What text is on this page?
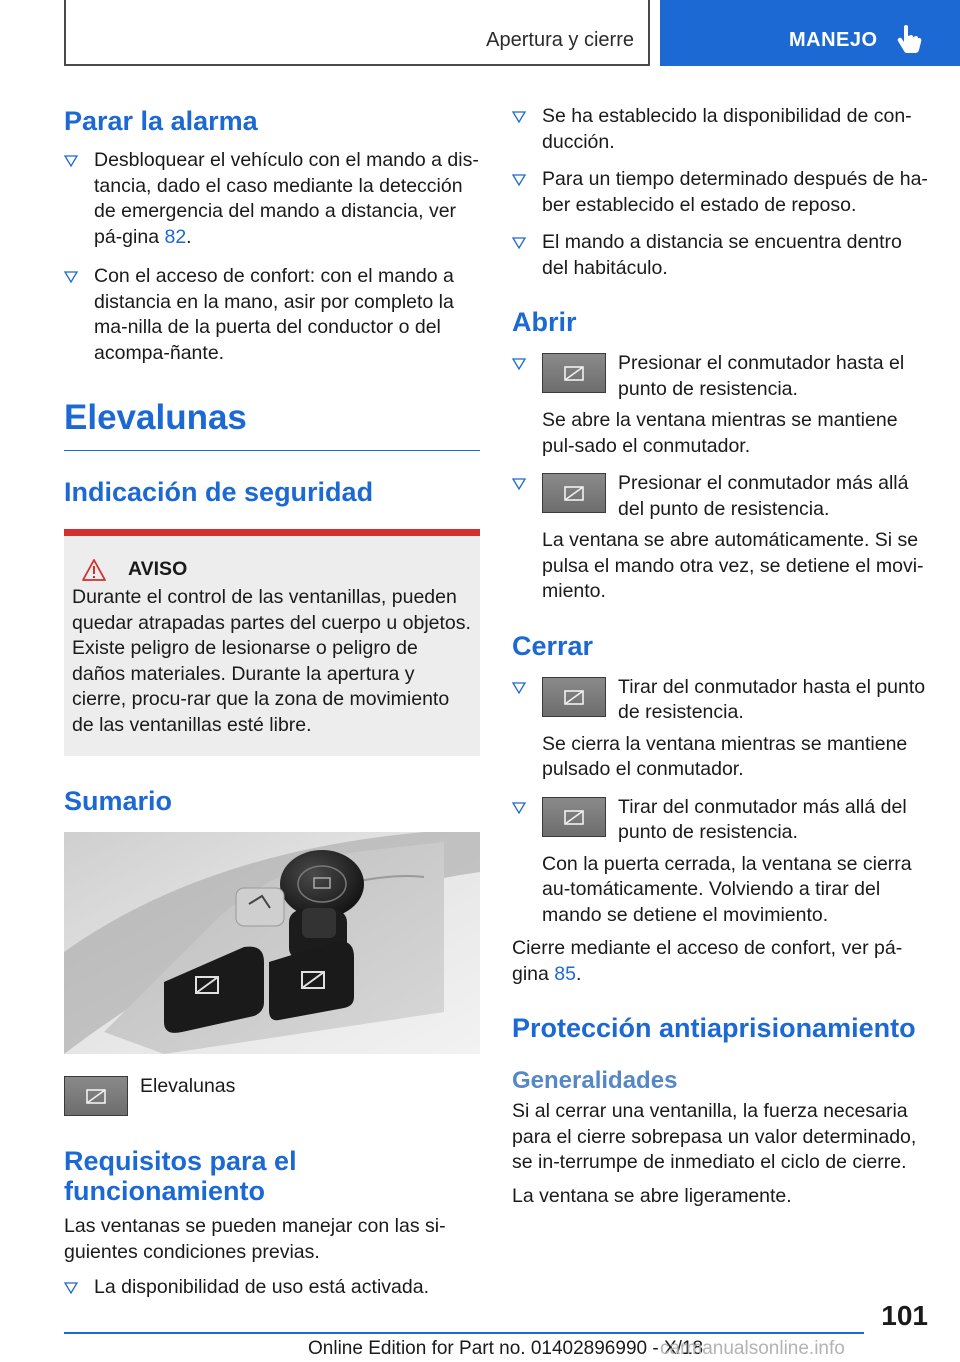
Apertura y cierre	MANEJO
Parar la alarma
Desbloquear el vehículo con el mando a dis-tancia, dado el caso mediante la detección de emergencia del mando a distancia, ver pá-gina 82.
Con el acceso de confort: con el mando a distancia en la mano, asir por completo la ma-nilla de la puerta del conductor o del acompa-ñante.
Elevalunas
Indicación de seguridad
AVISO

Durante el control de las ventanillas, pueden quedar atrapadas partes del cuerpo u objetos. Existe peligro de lesionarse o peligro de daños materiales. Durante la apertura y cierre, procu-rar que la zona de movimiento de las ventanillas esté libre.

Sumario
Elevalunas
Requisitos para el funcionamiento

Las ventanas se pueden manejar con las si-guientes condiciones previas.

La disponibilidad de uso está activada.
Se ha establecido la disponibilidad de con-ducción.
Para un tiempo determinado después de ha-ber establecido el estado de reposo.
El mando a distancia se encuentra dentro del habitáculo.
Abrir
Presionar el conmutador hasta el punto de resistencia.

Se abre la ventana mientras se mantiene pul-sado el conmutador.

Presionar el conmutador más allá del punto de resistencia.

La ventana se abre automáticamente. Si se pulsa el mando otra vez, se detiene el movi-miento.

Cerrar
Tirar del conmutador hasta el punto de resistencia.

Se cierra la ventana mientras se mantiene pulsado el conmutador.

Tirar del conmutador más allá del punto de resistencia.

Con la puerta cerrada, la ventana se cierra au-tomáticamente. Volviendo a tirar del mando se detiene el movimiento.

Cierre mediante el acceso de confort, ver pá-gina 85.

Protección antiaprisionamiento
Generalidades

Si al cerrar una ventanilla, la fuerza necesaria para el cierre sobrepasa un valor determinado, se in-terrumpe de inmediato el ciclo de cierre.

La ventana se abre ligeramente.

101
Online Edition for Part no. 01402896990 - X/18
carmanualsonline.info
